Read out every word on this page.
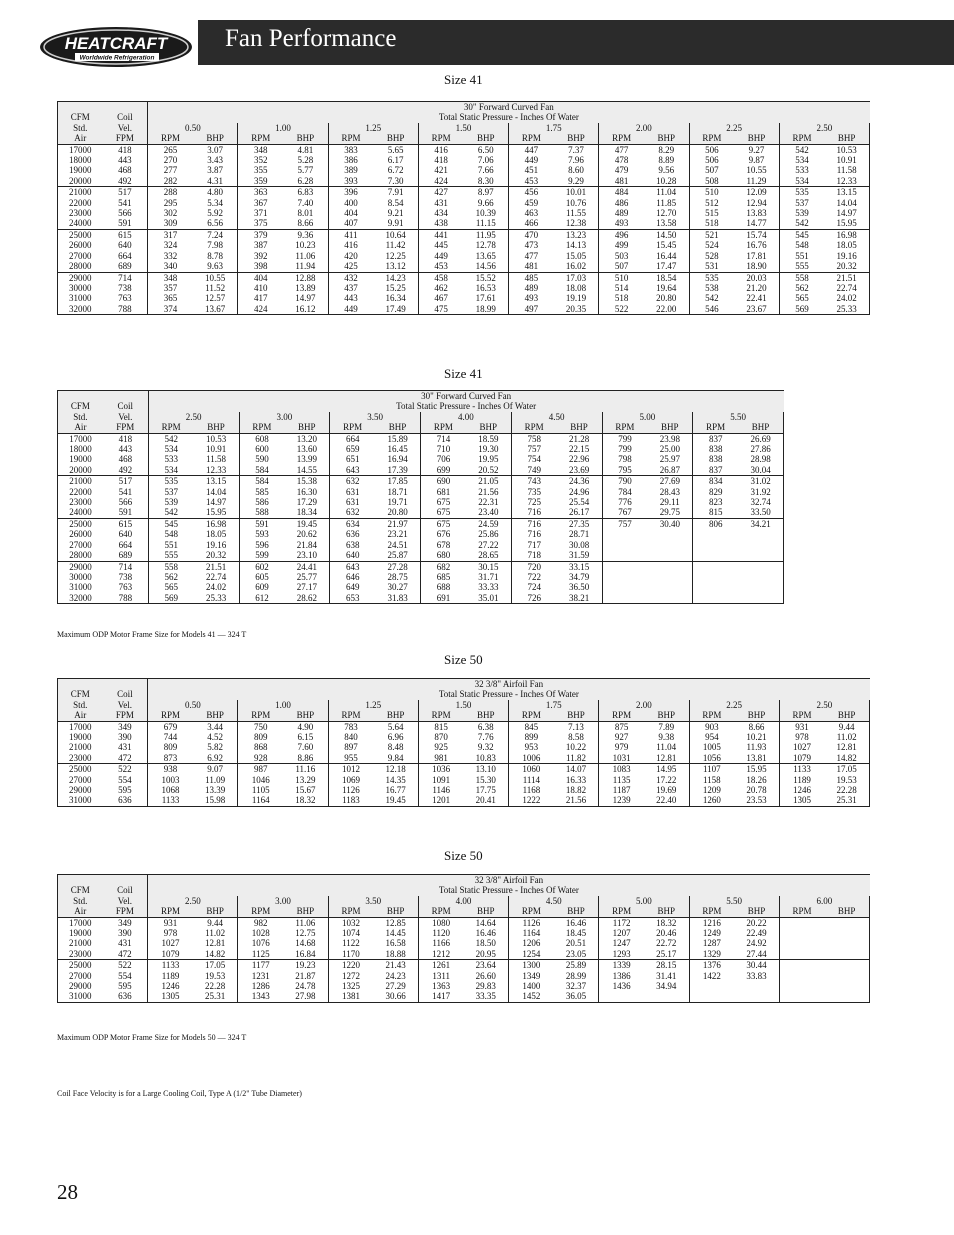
Fan Performance
HEATCRAFT
Worldwide Refrigeration
Size 41
		30" Forward Curved Fan															
CFM	Coil	Total Static Pressure - Inches Of Water															
Std.	Vel.	0.50		1.00		1.25		1.50		1.75		2.00		2.25		2.50	
Air	FPM	RPM	BHP	RPM	BHP	RPM	BHP	RPM	BHP	RPM	BHP	RPM	BHP	RPM	BHP	RPM	BHP
17000	418	265	3.07	348	4.81	383	5.65	416	6.50	447	7.37	477	8.29	506	9.27	542	10.53
18000	443	270	3.43	352	5.28	386	6.17	418	7.06	449	7.96	478	8.89	506	9.87	534	10.91
19000	468	277	3.87	355	5.77	389	6.72	421	7.66	451	8.60	479	9.56	507	10.55	533	11.58
20000	492	282	4.31	359	6.28	393	7.30	424	8.30	453	9.29	481	10.28	508	11.29	534	12.33
21000	517	288	4.80	363	6.83	396	7.91	427	8.97	456	10.01	484	11.04	510	12.09	535	13.15
22000	541	295	5.34	367	7.40	400	8.54	431	9.66	459	10.76	486	11.85	512	12.94	537	14.04
23000	566	302	5.92	371	8.01	404	9.21	434	10.39	463	11.55	489	12.70	515	13.83	539	14.97
24000	591	309	6.56	375	8.66	407	9.91	438	11.15	466	12.38	493	13.58	518	14.77	542	15.95
25000	615	317	7.24	379	9.36	411	10.64	441	11.95	470	13.23	496	14.50	521	15.74	545	16.98
26000	640	324	7.98	387	10.23	416	11.42	445	12.78	473	14.13	499	15.45	524	16.76	548	18.05
27000	664	332	8.78	392	11.06	420	12.25	449	13.65	477	15.05	503	16.44	528	17.81	551	19.16
28000	689	340	9.63	398	11.94	425	13.12	453	14.56	481	16.02	507	17.47	531	18.90	555	20.32
29000	714	348	10.55	404	12.88	432	14.23	458	15.52	485	17.03	510	18.54	535	20.03	558	21.51
30000	738	357	11.52	410	13.89	437	15.25	462	16.53	489	18.08	514	19.64	538	21.20	562	22.74
31000	763	365	12.57	417	14.97	443	16.34	467	17.61	493	19.19	518	20.80	542	22.41	565	24.02
32000	788	374	13.67	424	16.12	449	17.49	475	18.99	497	20.35	522	22.00	546	23.67	569	25.33
Size 41
		30" Forward Curved Fan													
CFM	Coil	Total Static Pressure - Inches Of Water													
Std.	Vel.	2.50		3.00		3.50		4.00		4.50		5.00		5.50	
Air	FPM	RPM	BHP	RPM	BHP	RPM	BHP	RPM	BHP	RPM	BHP	RPM	BHP	RPM	BHP
17000	418	542	10.53	608	13.20	664	15.89	714	18.59	758	21.28	799	23.98	837	26.69
18000	443	534	10.91	600	13.60	659	16.45	710	19.30	757	22.15	799	25.00	838	27.86
19000	468	533	11.58	590	13.99	651	16.94	706	19.95	754	22.96	798	25.97	838	28.98
20000	492	534	12.33	584	14.55	643	17.39	699	20.52	749	23.69	795	26.87	837	30.04
21000	517	535	13.15	584	15.38	632	17.85	690	21.05	743	24.36	790	27.69	834	31.02
22000	541	537	14.04	585	16.30	631	18.71	681	21.56	735	24.96	784	28.43	829	31.92
23000	566	539	14.97	586	17.29	631	19.71	675	22.31	725	25.54	776	29.11	823	32.74
24000	591	542	15.95	588	18.34	632	20.80	675	23.40	716	26.17	767	29.75	815	33.50
25000	615	545	16.98	591	19.45	634	21.97	675	24.59	716	27.35	757	30.40	806	34.21
26000	640	548	18.05	593	20.62	636	23.21	676	25.86	716	28.71				
27000	664	551	19.16	596	21.84	638	24.51	678	27.22	717	30.08				
28000	689	555	20.32	599	23.10	640	25.87	680	28.65	718	31.59				
29000	714	558	21.51	602	24.41	643	27.28	682	30.15	720	33.15				
30000	738	562	22.74	605	25.77	646	28.75	685	31.71	722	34.79				
31000	763	565	24.02	609	27.17	649	30.27	688	33.33	724	36.50				
32000	788	569	25.33	612	28.62	653	31.83	691	35.01	726	38.21				
Maximum ODP Motor Frame Size for Models 41 — 324 T
Size 50
		32 3/8" Airfoil Fan															
CFM	Coil	Total Static Pressure - Inches Of Water															
Std.	Vel.	0.50		1.00		1.25		1.50		1.75		2.00		2.25		2.50	
Air	FPM	RPM	BHP	RPM	BHP	RPM	BHP	RPM	BHP	RPM	BHP	RPM	BHP	RPM	BHP	RPM	BHP
17000	349	679	3.44	750	4.90	783	5.64	815	6.38	845	7.13	875	7.89	903	8.66	931	9.44
19000	390	744	4.52	809	6.15	840	6.96	870	7.76	899	8.58	927	9.38	954	10.21	978	11.02
21000	431	809	5.82	868	7.60	897	8.48	925	9.32	953	10.22	979	11.04	1005	11.93	1027	12.81
23000	472	873	6.92	928	8.86	955	9.84	981	10.83	1006	11.82	1031	12.81	1056	13.81	1079	14.82
25000	522	938	9.07	987	11.16	1012	12.18	1036	13.10	1060	14.07	1083	14.95	1107	15.95	1133	17.05
27000	554	1003	11.09	1046	13.29	1069	14.35	1091	15.30	1114	16.33	1135	17.22	1158	18.26	1189	19.53
29000	595	1068	13.39	1105	15.67	1126	16.77	1146	17.75	1168	18.82	1187	19.69	1209	20.78	1246	22.28
31000	636	1133	15.98	1164	18.32	1183	19.45	1201	20.41	1222	21.56	1239	22.40	1260	23.53	1305	25.31
Size 50
		32 3/8" Airfoil Fan															
CFM	Coil	Total Static Pressure - Inches Of Water															
Std.	Vel.	2.50		3.00		3.50		4.00		4.50		5.00		5.50		6.00	
Air	FPM	RPM	BHP	RPM	BHP	RPM	BHP	RPM	BHP	RPM	BHP	RPM	BHP	RPM	BHP	RPM	BHP
17000	349	931	9.44	982	11.06	1032	12.85	1080	14.64	1126	16.46	1172	18.32	1216	20.22		
19000	390	978	11.02	1028	12.75	1074	14.45	1120	16.46	1164	18.45	1207	20.46	1249	22.49		
21000	431	1027	12.81	1076	14.68	1122	16.58	1166	18.50	1206	20.51	1247	22.72	1287	24.92		
23000	472	1079	14.82	1125	16.84	1170	18.88	1212	20.95	1254	23.05	1293	25.17	1329	27.44		
25000	522	1133	17.05	1177	19.23	1220	21.43	1261	23.64	1300	25.89	1339	28.15	1376	30.44		
27000	554	1189	19.53	1231	21.87	1272	24.23	1311	26.60	1349	28.99	1386	31.41	1422	33.83		
29000	595	1246	22.28	1286	24.78	1325	27.29	1363	29.83	1400	32.37	1436	34.94				
31000	636	1305	25.31	1343	27.98	1381	30.66	1417	33.35	1452	36.05						
Maximum ODP Motor Frame Size for Models 50 — 324 T
Coil Face Velocity is for a Large Cooling Coil, Type A (1/2" Tube Diameter)
28
